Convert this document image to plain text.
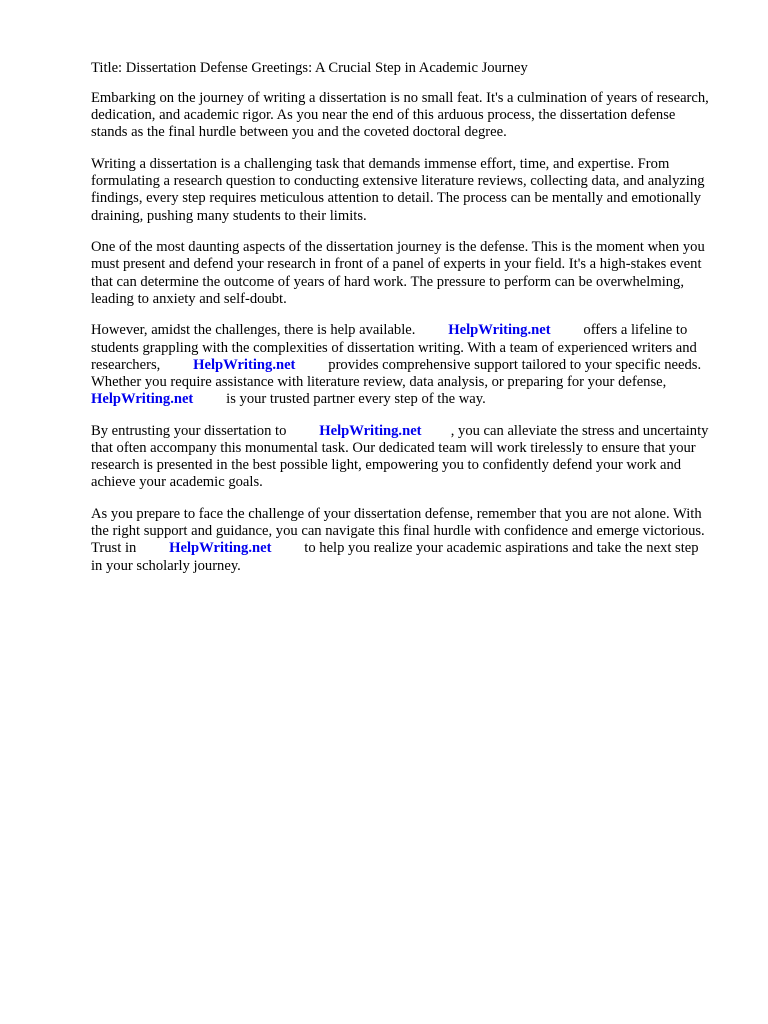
Title: Dissertation Defense Greetings: A Crucial Step in Academic Journey

Embarking on the journey of writing a dissertation is no small feat. It's a culmination of years of research, dedication, and academic rigor. As you near the end of this arduous process, the dissertation defense stands as the final hurdle between you and the coveted doctoral degree.

Writing a dissertation is a challenging task that demands immense effort, time, and expertise. From formulating a research question to conducting extensive literature reviews, collecting data, and analyzing findings, every step requires meticulous attention to detail. The process can be mentally and emotionally draining, pushing many students to their limits.

One of the most daunting aspects of the dissertation journey is the defense. This is the moment when you must present and defend your research in front of a panel of experts in your field. It's a high-stakes event that can determine the outcome of years of hard work. The pressure to perform can be overwhelming, leading to anxiety and self-doubt.

However, amidst the challenges, there is help available.   HelpWriting.net   offers a lifeline to students grappling with the complexities of dissertation writing. With a team of experienced writers and researchers,   HelpWriting.net   provides comprehensive support tailored to your specific needs. Whether you require assistance with literature review, data analysis, or preparing for your defense,   HelpWriting.net   is your trusted partner every step of the way.

By entrusting your dissertation to   HelpWriting.net   , you can alleviate the stress and uncertainty that often accompany this monumental task. Our dedicated team will work tirelessly to ensure that your research is presented in the best possible light, empowering you to confidently defend your work and achieve your academic goals.

As you prepare to face the challenge of your dissertation defense, remember that you are not alone. With the right support and guidance, you can navigate this final hurdle with confidence and emerge victorious. Trust in   HelpWriting.net   to help you realize your academic aspirations and take the next step in your scholarly journey.
